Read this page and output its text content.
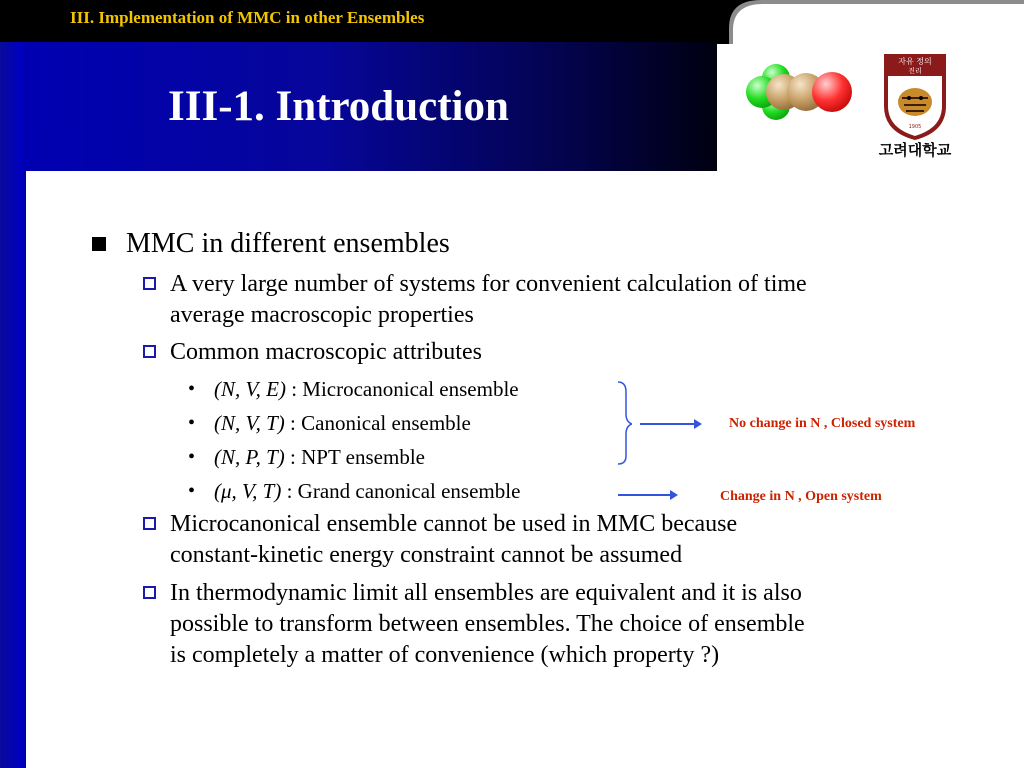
III. Implementation of MMC in other Ensembles
III-1. Introduction
자유 정의
진리
1905
고려대학교
MMC in different ensembles
A very large number of systems for convenient calculation of time
average macroscopic properties
Common macroscopic attributes
• (N, V, E) : Microcanonical ensemble
• (N, V, T) : Canonical ensemble
• (N, P, T) : NPT ensemble
• (μ, V, T) : Grand canonical ensemble
Microcanonical ensemble cannot be used in MMC because
constant-kinetic energy constraint cannot be assumed
In thermodynamic limit all ensembles are equivalent and it is also
possible to transform between ensembles. The choice of ensemble
is completely a matter of convenience (which property ?)
No change in N , Closed system
Change in N , Open system
